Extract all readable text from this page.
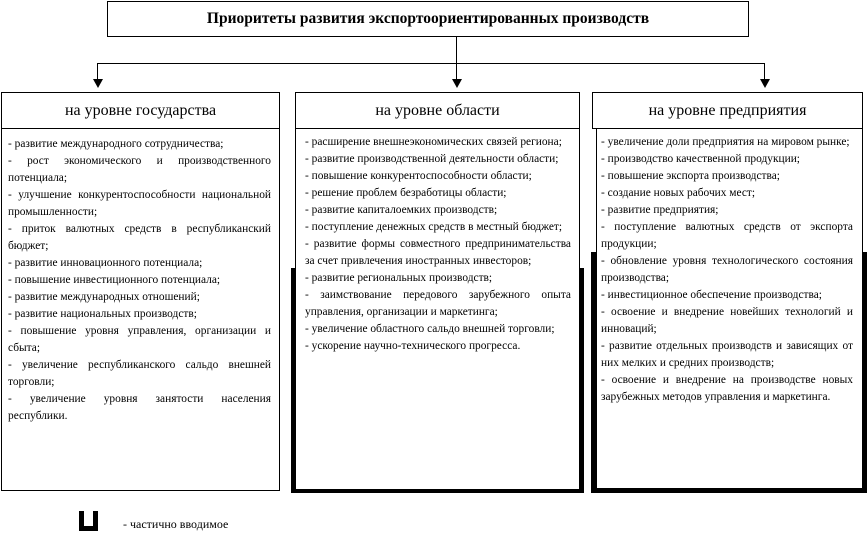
Приоритеты развития экспортоориентированных производств
на уровне государства
- развитие международного сотрудничества;
- рост экономического и производственного потенциала;
- улучшение конкурентоспособности национальной промышленности;
- приток валютных средств в республиканский бюджет;
- развитие инновационного потенциала;
- повышение инвестиционного потенциала;
- развитие международных отношений;
- развитие национальных производств;
- повышение уровня управления, организации и сбыта;
- увеличение республиканского сальдо внешней торговли;
- увеличение уровня занятости населения республики.
на уровне области
- расширение внешнеэкономических связей региона;
- развитие производственной деятельности области;
- повышение конкурентоспособности области;
- решение проблем безработицы области;
- развитие капиталоемких производств;
- поступление денежных средств в местный бюджет;
- развитие формы совместного предпринимательства за счет привлечения иностранных инвесторов;
- развитие региональных производств;
- заимствование передового зарубежного опыта управления, организации и маркетинга;
- увеличение областного сальдо внешней торговли;
- ускорение научно-технического прогресса.
на уровне предприятия
- увеличение доли предприятия на мировом рынке;
- производство качественной продукции;
- повышение экспорта производства;
- создание новых рабочих мест;
- развитие предприятия;
- поступление валютных средств от экспорта продукции;
- обновление уровня технологического состояния производства;
- инвестиционное обеспечение производства;
- освоение и внедрение новейших технологий и инноваций;
- развитие отдельных производств и зависящих от них мелких и средних производств;
- освоение и внедрение на производстве новых зарубежных методов управления и маркетинга.
- частично вводимое
